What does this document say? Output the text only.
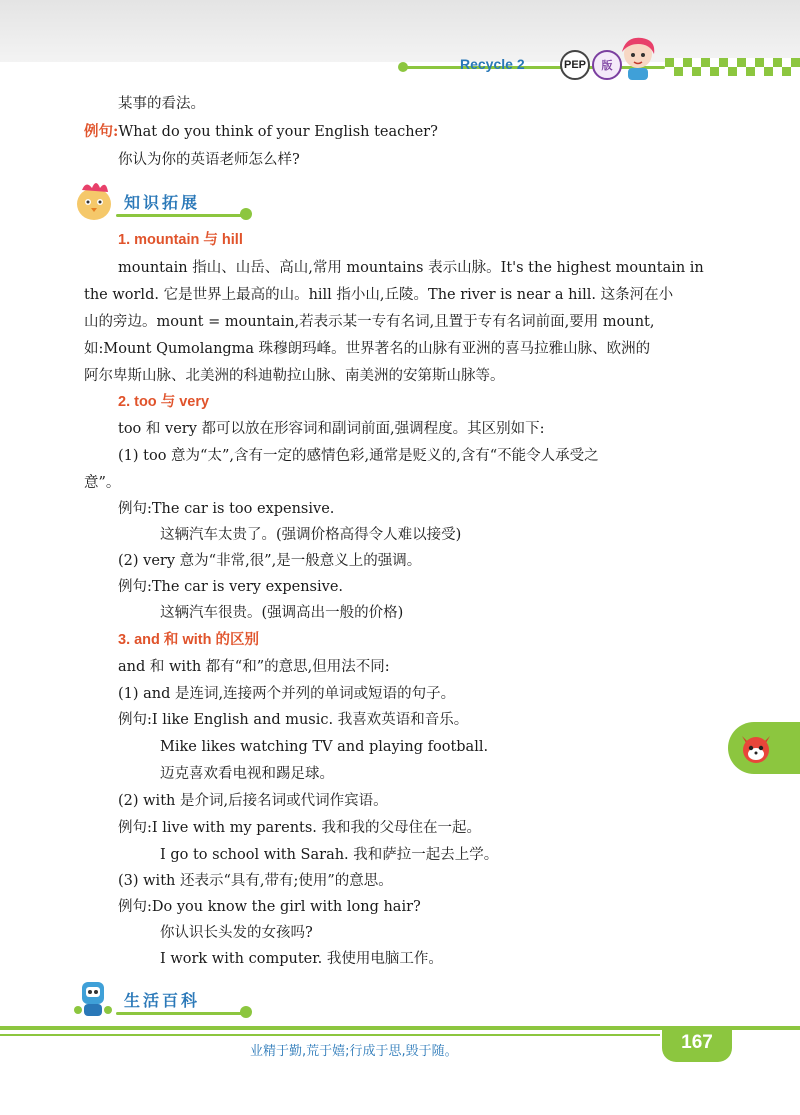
Recycle 2	PEP	版
某事的看法。
例句:What do you think of your English teacher?
你认为你的英语老师怎么样?
知识拓展
1. mountain 与 hill
mountain 指山、山岳、高山,常用 mountains 表示山脉。It's the highest mountain in
the world. 它是世界上最高的山。hill 指小山,丘陵。The river is near a hill. 这条河在小
山的旁边。mount = mountain,若表示某一专有名词,且置于专有名词前面,要用 mount,
如:Mount Qumolangma 珠穆朗玛峰。世界著名的山脉有亚洲的喜马拉雅山脉、欧洲的
阿尔卑斯山脉、北美洲的科迪勒拉山脉、南美洲的安第斯山脉等。
2. too 与 very
too 和 very 都可以放在形容词和副词前面,强调程度。其区别如下:
(1) too 意为“太”,含有一定的感情色彩,通常是贬义的,含有“不能令人承受之
意”。
例句:The car is too expensive.
这辆汽车太贵了。(强调价格高得令人难以接受)
(2) very 意为“非常,很”,是一般意义上的强调。
例句:The car is very expensive.
这辆汽车很贵。(强调高出一般的价格)
3. and 和 with 的区别
and 和 with 都有“和”的意思,但用法不同:
(1) and 是连词,连接两个并列的单词或短语的句子。
例句:I like English and music. 我喜欢英语和音乐。
Mike likes watching TV and playing football.
迈克喜欢看电视和踢足球。
(2) with 是介词,后接名词或代词作宾语。
例句:I live with my parents. 我和我的父母住在一起。
I go to school with Sarah. 我和萨拉一起去上学。
(3) with 还表示“具有,带有;使用”的意思。
例句:Do you know the girl with long hair?
你认识长头发的女孩吗?
I work with computer. 我使用电脑工作。
生活百科
业精于勤,荒于嬉;行成于思,毁于随。	167
